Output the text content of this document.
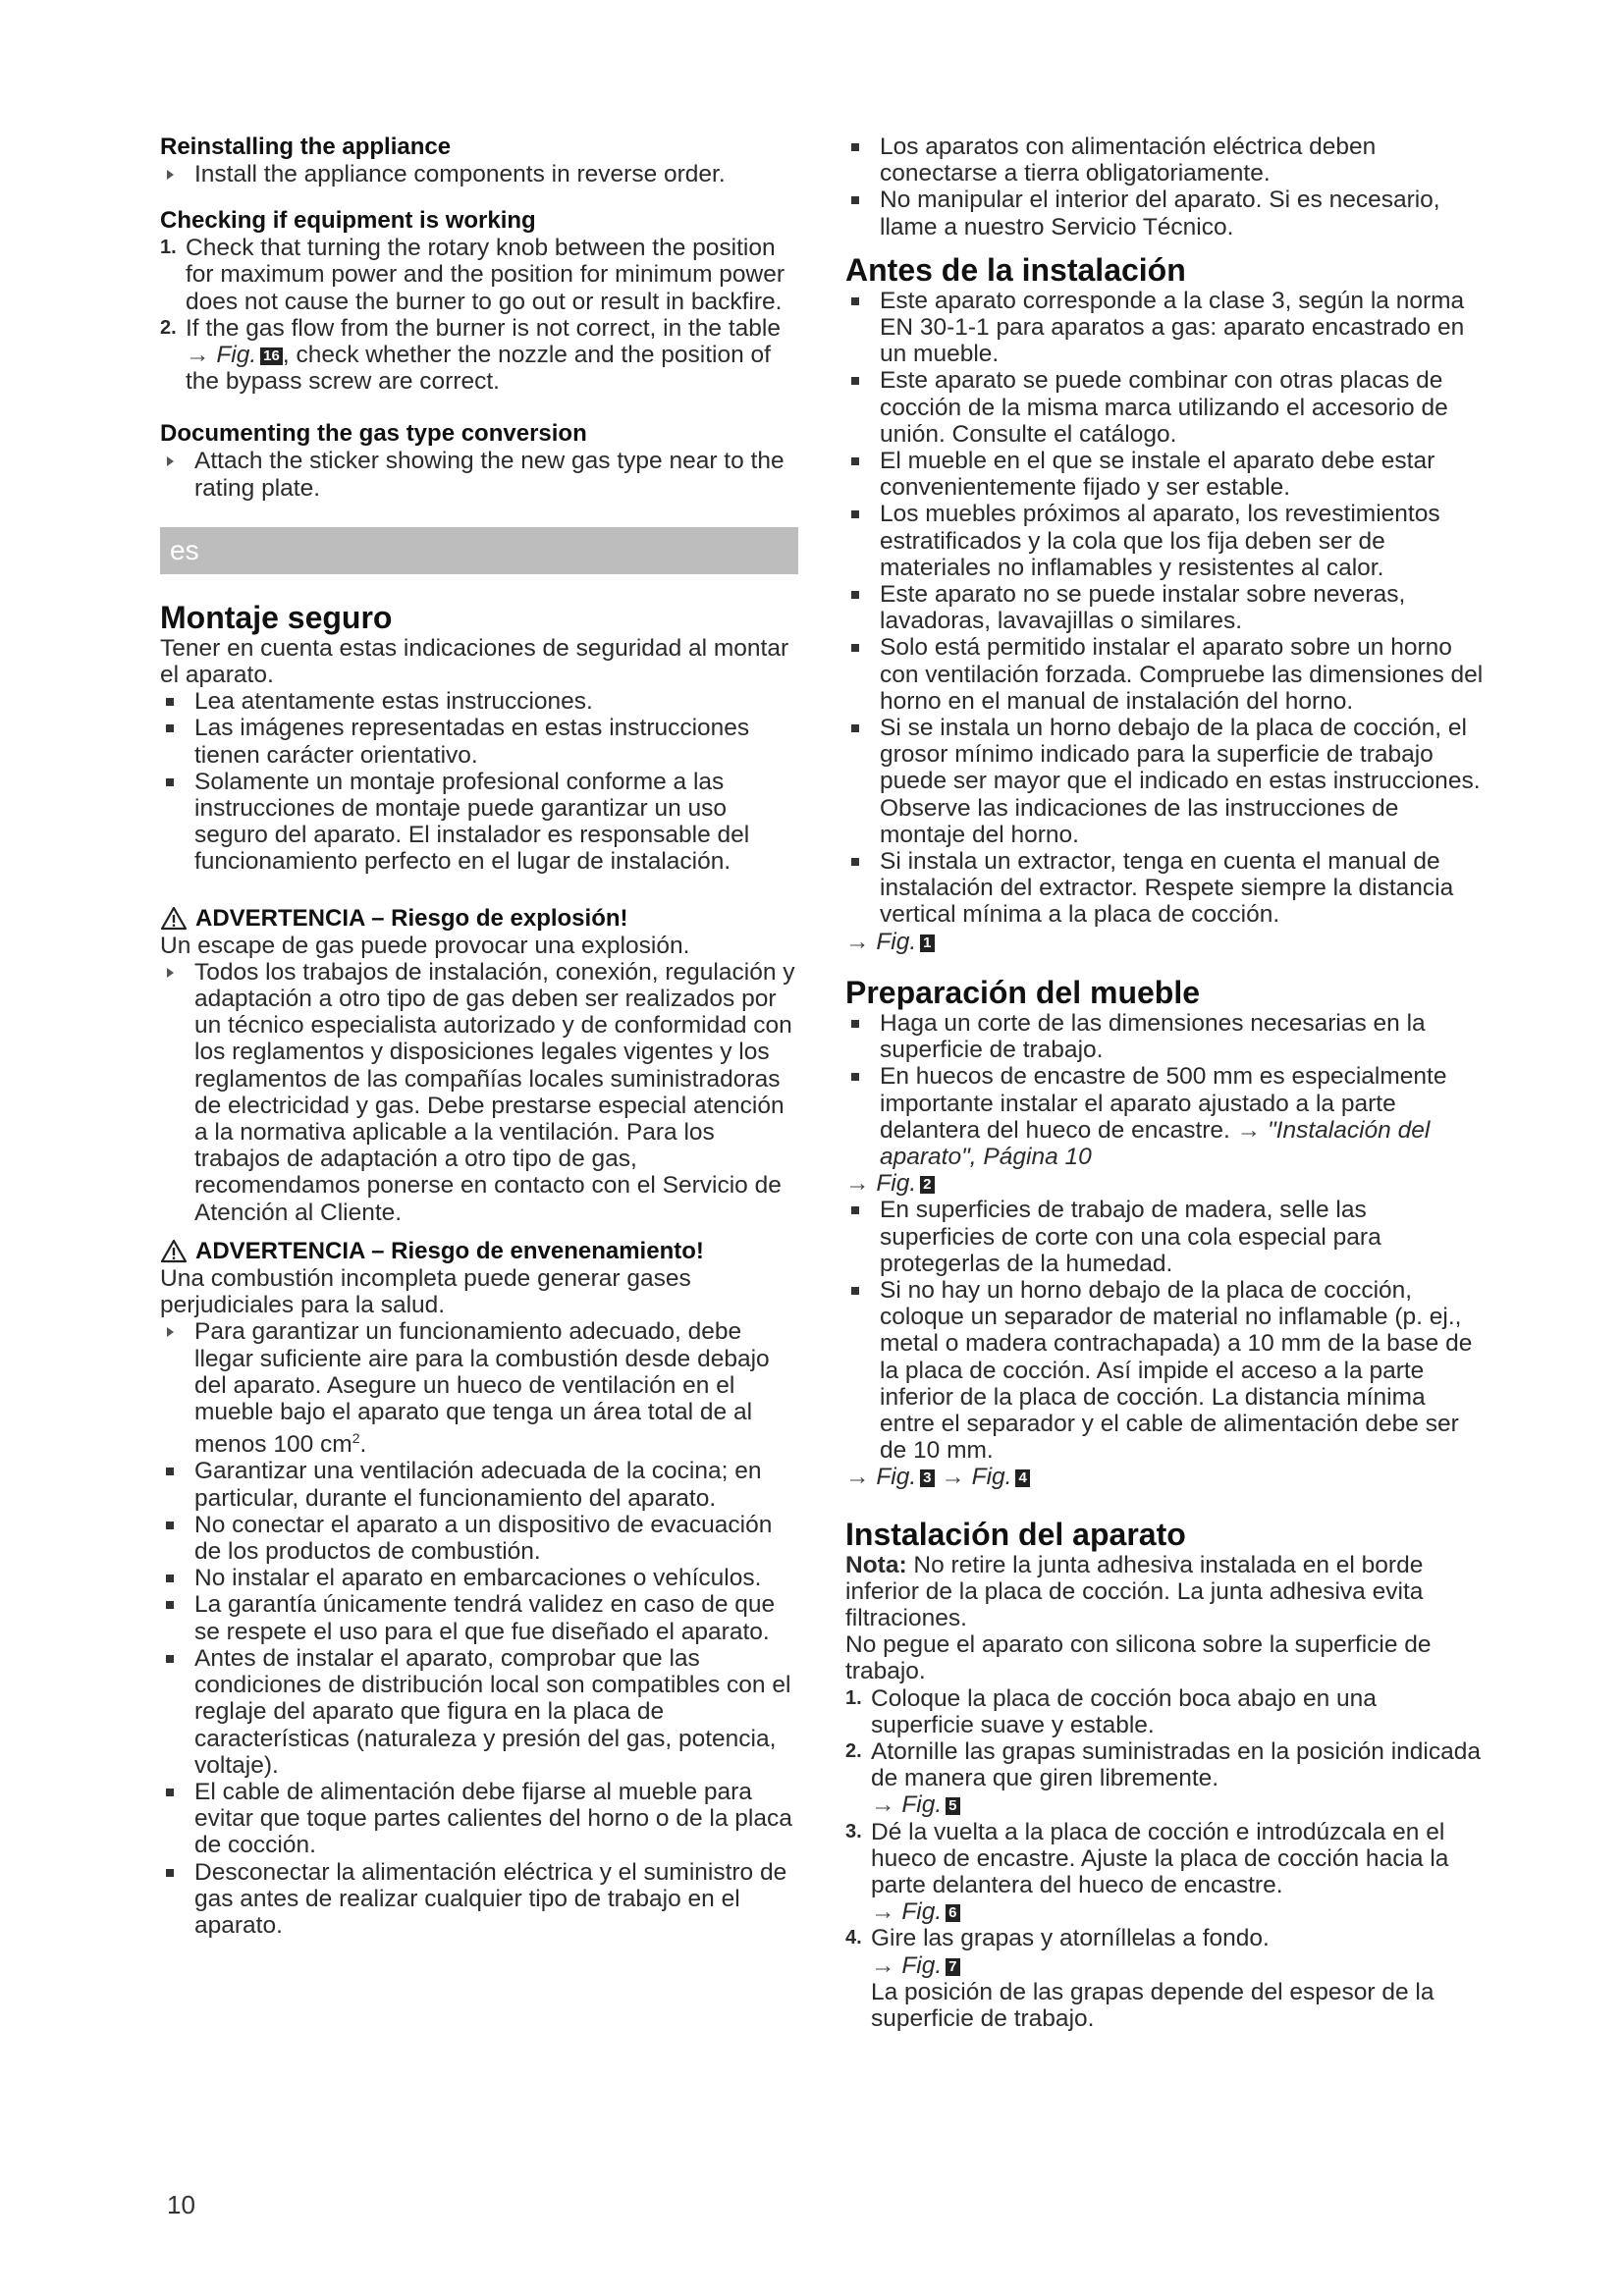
Reinstalling the appliance

Install the appliance components in reverse order.

Checking if equipment is working

1. Check that turning the rotary knob between the position for maximum power and the position for minimum power does not cause the burner to go out or result in backfire.
2. If the gas flow from the burner is not correct, in the table → Fig. 16 , check whether the nozzle and the position of the bypass screw are correct.

Documenting the gas type conversion

Attach the sticker showing the new gas type near to the rating plate.
es

Montaje seguro

Tener en cuenta estas indicaciones de seguridad al montar el aparato.

Lea atentamente estas instrucciones.
Las imágenes representadas en estas instrucciones tienen carácter orientativo.
Solamente un montaje profesional conforme a las instrucciones de montaje puede garantizar un uso seguro del aparato. El instalador es responsable del funcionamiento perfecto en el lugar de instalación.

ADVERTENCIA – Riesgo de explosión!

Un escape de gas puede provocar una explosión.

Todos los trabajos de instalación, conexión, regulación y adaptación a otro tipo de gas deben ser realizados por un técnico especialista autorizado y de conformidad con los reglamentos y disposiciones legales vigentes y los reglamentos de las compañías locales suministradoras de electricidad y gas. Debe prestarse especial atención a la normativa aplicable a la ventilación. Para los trabajos de adaptación a otro tipo de gas, recomendamos ponerse en contacto con el Servicio de Atención al Cliente.

ADVERTENCIA – Riesgo de envenenamiento!

Una combustión incompleta puede generar gases perjudiciales para la salud.

Para garantizar un funcionamiento adecuado, debe llegar suficiente aire para la combustión desde debajo del aparato. Asegure un hueco de ventilación en el mueble bajo el aparato que tenga un área total de al menos 100 $cm^2$.
Garantizar una ventilación adecuada de la cocina; en particular, durante el funcionamiento del aparato.
No conectar el aparato a un dispositivo de evacuación de los productos de combustión.
No instalar el aparato en embarcaciones o vehículos.
La garantía únicamente tendrá validez en caso de que se respete el uso para el que fue diseñado el aparato.
Antes de instalar el aparato, comprobar que las condiciones de distribución local son compatibles con el reglaje del aparato que figura en la placa de características (naturaleza y presión del gas, potencia, voltaje).
El cable de alimentación debe fijarse al mueble para evitar que toque partes calientes del horno o de la placa de cocción.
Desconectar la alimentación eléctrica y el suministro de gas antes de realizar cualquier tipo de trabajo en el aparato.
Los aparatos con alimentación eléctrica deben conectarse a tierra obligatoriamente.
No manipular el interior del aparato. Si es necesario, llame a nuestro Servicio Técnico.

Antes de la instalación

Este aparato corresponde a la clase 3, según la norma EN 30-1-1 para aparatos a gas: aparato encastrado en un mueble.
Este aparato se puede combinar con otras placas de cocción de la misma marca utilizando el accesorio de unión. Consulte el catálogo.
El mueble en el que se instale el aparato debe estar convenientemente fijado y ser estable.
Los muebles próximos al aparato, los revestimientos estratificados y la cola que los fija deben ser de materiales no inflamables y resistentes al calor.
Este aparato no se puede instalar sobre neveras, lavadoras, lavavajillas o similares.
Solo está permitido instalar el aparato sobre un horno con ventilación forzada. Compruebe las dimensiones del horno en el manual de instalación del horno.
Si se instala un horno debajo de la placa de cocción, el grosor mínimo indicado para la superficie de trabajo puede ser mayor que el indicado en estas instrucciones. Observe las indicaciones de las instrucciones de montaje del horno.
Si instala un extractor, tenga en cuenta el manual de instalación del extractor. Respete siempre la distancia vertical mínima a la placa de cocción.

→ Fig. 1

Preparación del mueble

Haga un corte de las dimensiones necesarias en la superficie de trabajo.
En huecos de encastre de 500 mm es especialmente importante instalar el aparato ajustado a la parte delantera del hueco de encastre. → "Instalación del aparato", Página 10

→ Fig. 2

En superficies de trabajo de madera, selle las superficies de corte con una cola especial para protegerlas de la humedad.
Si no hay un horno debajo de la placa de cocción, coloque un separador de material no inflamable (p. ej., metal o madera contrachapada) a 10 mm de la base de la placa de cocción. Así impide el acceso a la parte inferior de la placa de cocción. La distancia mínima entre el separador y el cable de alimentación debe ser de 10 mm.

→ Fig. 3 → Fig. 4

Instalación del aparato

Nota: No retire la junta adhesiva instalada en el borde inferior de la placa de cocción. La junta adhesiva evita filtraciones.

No pegue el aparato con silicona sobre la superficie de trabajo.

1. Coloque la placa de cocción boca abajo en una superficie suave y estable.
2. Atornille las grapas suministradas en la posición indicada de manera que giren libremente.
→ Fig. 5
3. Dé la vuelta a la placa de cocción e introdúzcala en el hueco de encastre. Ajuste la placa de cocción hacia la parte delantera del hueco de encastre.
→ Fig. 6
4. Gire las grapas y atorníllelas a fondo.
→ Fig. 7
La posición de las grapas depende del espesor de la superficie de trabajo.
10
